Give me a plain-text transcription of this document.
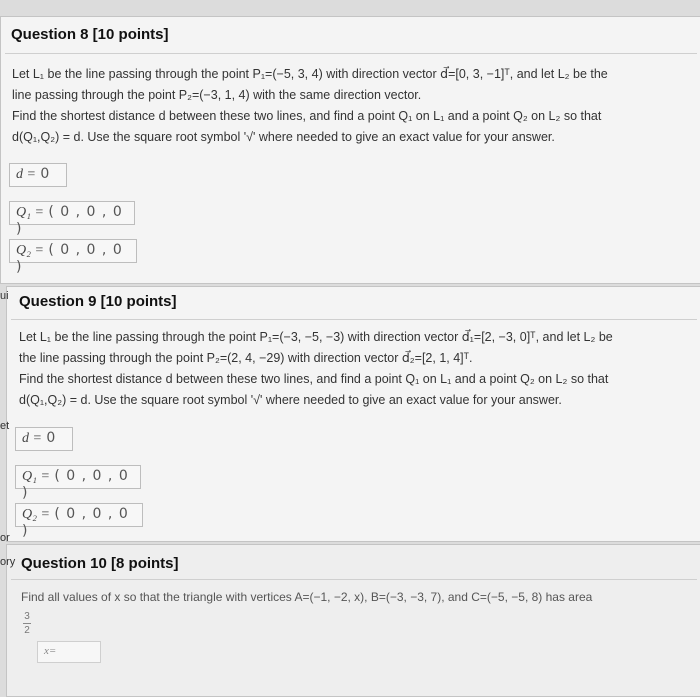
Question 8 [10 points]

Let L₁ be the line passing through the point P₁=(−5, 3, 4) with direction vector d⃗=[0, 3, −1]ᵀ, and let L₂ be the

line passing through the point P₂=(−3, 1, 4) with the same direction vector.

Find the shortest distance d between these two lines, and find a point Q₁ on L₁ and a point Q₂ on L₂ so that

d(Q₁,Q₂) = d. Use the square root symbol '√' where needed to give an exact value for your answer.

d = 0
Q₁ = ( 0 , 0 , 0 )
Q₂ = ( 0 , 0 , 0 )
Question 9 [10 points]

Let L₁ be the line passing through the point P₁=(−3, −5, −3) with direction vector d⃗₁=[2, −3, 0]ᵀ, and let L₂ be

the line passing through the point P₂=(2, 4, −29) with direction vector d⃗₂=[2, 1, 4]ᵀ.

Find the shortest distance d between these two lines, and find a point Q₁ on L₁ and a point Q₂ on L₂ so that

d(Q₁,Q₂) = d. Use the square root symbol '√' where needed to give an exact value for your answer.

d = 0
Q₁ = ( 0 , 0 , 0 )
Q₂ = ( 0 , 0 , 0 )
Question 10 [8 points]
Find all values of x so that the triangle with vertices A=(−1, −2, x), B=(−3, −3, 7), and C=(−5, −5, 8) has area
3
2
x=
ui
et
or
ory
